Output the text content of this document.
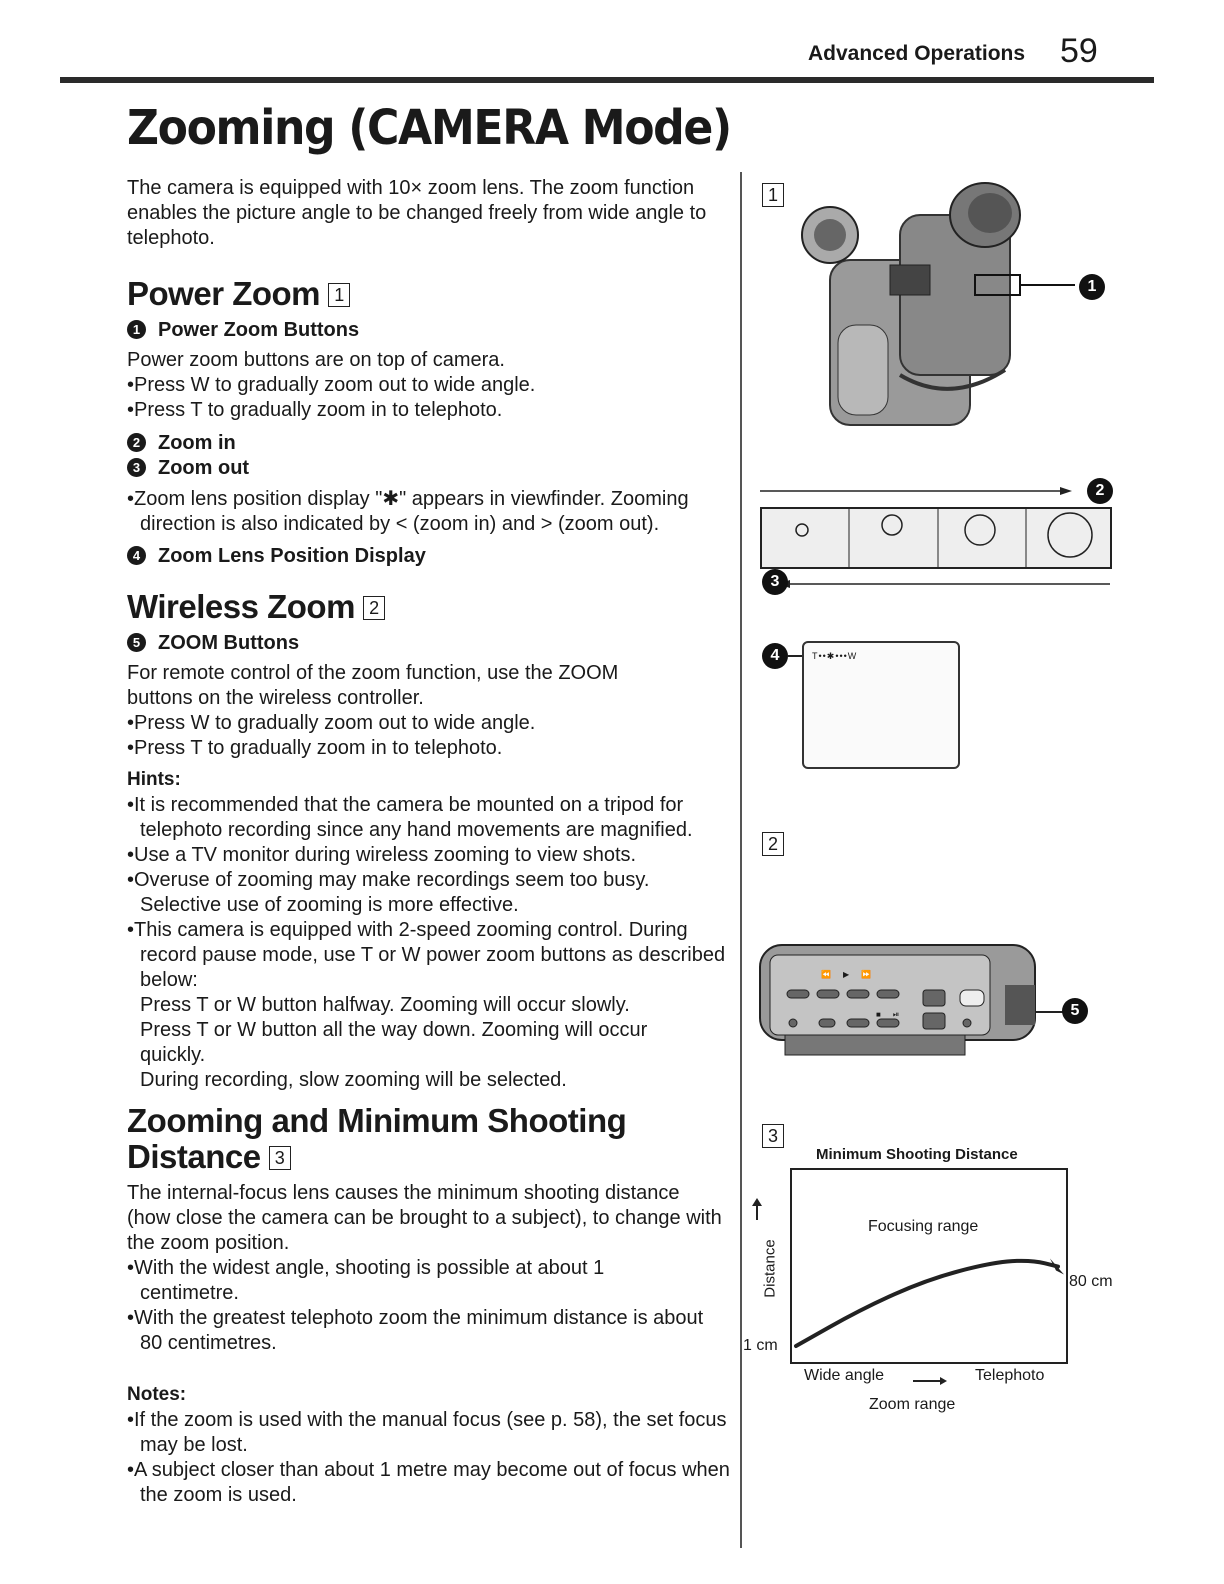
Advanced Operations 59
Zooming (CAMERA Mode)
The camera is equipped with 10× zoom lens. The zoom function enables the picture angle to be changed freely from wide angle to telephoto.
Power Zoom 1
1 Power Zoom Buttons
Power zoom buttons are on top of camera.
•Press W to gradually zoom out to wide angle.
•Press T to gradually zoom in to telephoto.
2 Zoom in
3 Zoom out
•Zoom lens position display "✱" appears in viewfinder. Zooming direction is also indicated by < (zoom in) and > (zoom out).
4 Zoom Lens Position Display
Wireless Zoom 2
5 ZOOM Buttons
For remote control of the zoom function, use the ZOOM buttons on the wireless controller.
•Press W to gradually zoom out to wide angle.
•Press T to gradually zoom in to telephoto.
Hints:
•It is recommended that the camera be mounted on a tripod for telephoto recording since any hand movements are magnified.
•Use a TV monitor during wireless zooming to view shots.
•Overuse of zooming may make recordings seem too busy. Selective use of zooming is more effective.
•This camera is equipped with 2-speed zooming control. During record pause mode, use T or W power zoom buttons as described below:
Press T or W button halfway. Zooming will occur slowly.
Press T or W button all the way down. Zooming will occur quickly.
During recording, slow zooming will be selected.
Zooming and Minimum Shooting
Distance 3
The internal-focus lens causes the minimum shooting distance (how close the camera can be brought to a subject), to change with the zoom position.
•With the widest angle, shooting is possible at about 1 centimetre.
•With the greatest telephoto zoom the minimum distance is about 80 centimetres.
Notes:
•If the zoom is used with the manual focus (see p. 58), the set focus may be lost.
•A subject closer than about 1 metre may become out of focus when the zoom is used.
1
1
2
3
4	T••✱•••W
2
⏪▶⏩
■⏯	5
3
Minimum Shooting Distance
Focusing range
Distance	80 cm
1 cm
Wide angle	Telephoto
Zoom range
